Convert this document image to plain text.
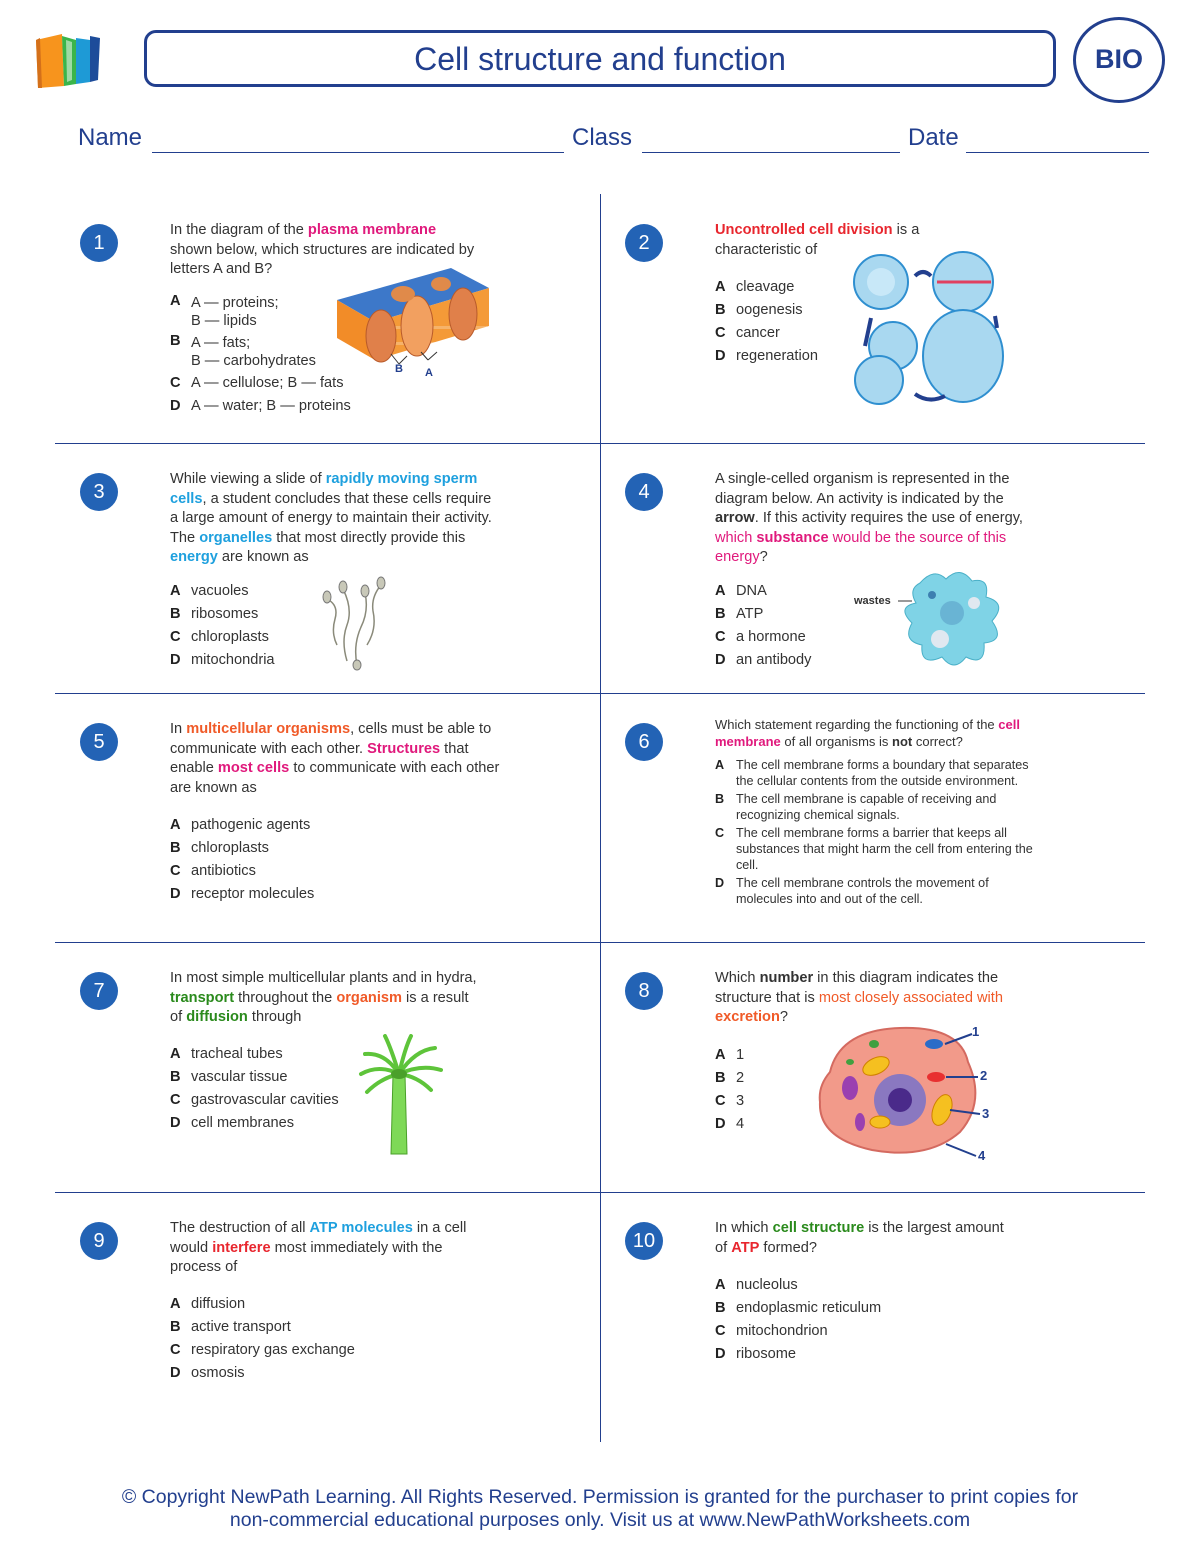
Cell structure and function	BIO
Name	Class	Date
1
In the diagram of the plasma membrane shown below, which structures are indicated by letters A and B?
A A — proteins;
B — lipids
B A — fats;
B — carbohydrates
C A — cellulose; B — fats
D A — water; B — proteins
B A
2
Uncontrolled cell division is a characteristic of
A cleavage
B oogenesis
C cancer
D regeneration
3
While viewing a slide of rapidly moving sperm cells, a student concludes that these cells require a large amount of energy to maintain their activity. The organelles that most directly provide this energy are known as
A vacuoles
B ribosomes
C chloroplasts
D mitochondria
4
A single-celled organism is represented in the diagram below. An activity is indicated by the arrow. If this activity requires the use of energy, which substance would be the source of this energy?
A DNA
B ATP
C a hormone
D an antibody
wastes
5
In multicellular organisms, cells must be able to communicate with each other. Structures that enable most cells to communicate with each other are known as
A pathogenic agents
B chloroplasts
C antibiotics
D receptor molecules
6
Which statement regarding the functioning of the cell membrane of all organisms is not correct?
A The cell membrane forms a boundary that separates the cellular contents from the outside environment.
B The cell membrane is capable of receiving and recognizing chemical signals.
C The cell membrane forms a barrier that keeps all substances that might harm the cell from entering the cell.
D The cell membrane controls the movement of molecules into and out of the cell.
7
In most simple multicellular plants and in hydra, transport throughout the organism is a result of diffusion through
A tracheal tubes
B vascular tissue
C gastrovascular cavities
D cell membranes
8
Which number in this diagram indicates the structure that is most closely associated with excretion?
A 1
B 2
C 3
D 4
1
2
3
4
9
The destruction of all ATP molecules in a cell would interfere most immediately with the process of
A diffusion
B active transport
C respiratory gas exchange
D osmosis
10
In which cell structure is the largest amount of ATP formed?
A nucleolus
B endoplasmic reticulum
C mitochondrion
D ribosome
© Copyright NewPath Learning. All Rights Reserved. Permission is granted for the purchaser to print copies for
non-commercial educational purposes only. Visit us at www.NewPathWorksheets.com
